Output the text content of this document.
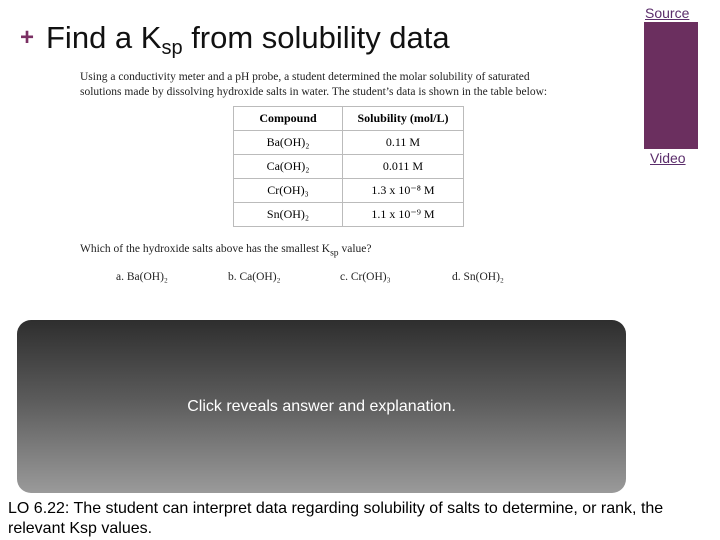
+ Find a $K_{sp}$ from solubility data
Source
Video
Using a conductivity meter and a pH probe, a student determined the molar solubility of saturated
solutions made by dissolving hydroxide salts in water. The student’s data is shown in the table below:
Compound	Solubility (mol/L)
Ba(OH)₂	0.11 M
Ca(OH)₂	0.011 M
Cr(OH)₃	1.3 x 10⁻⁸ M
Sn(OH)₂	1.1 x 10⁻⁹ M
Which of the hydroxide salts above has the smallest $K_{sp}$ value?
a. Ba(OH)₂	b. Ca(OH)₂	c. Cr(OH)₃	d. Sn(OH)₂
Click reveals answer and explanation.
LO 6.22: The student can interpret data regarding solubility of salts to determine, or rank, the relevant Ksp values.
